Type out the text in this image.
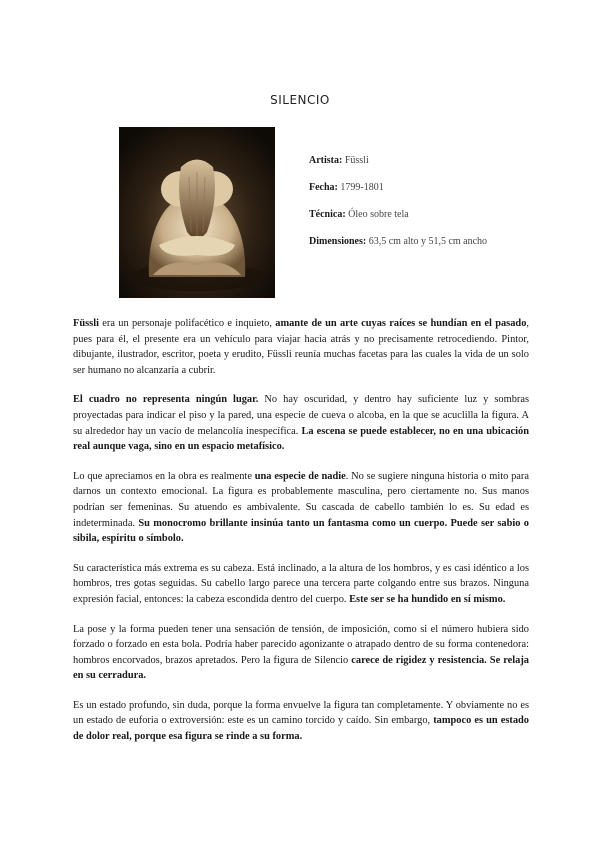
SILENCIO
Artista: Füssli
Fecha: 1799-1801
Técnica: Óleo sobre tela
Dimensiones: 63,5 cm alto y 51,5 cm ancho

Füssli era un personaje polifacético e inquieto, amante de un arte cuyas raíces se hundían en el pasado, pues para él, el presente era un vehículo para viajar hacia atrás y no precisamente retrocediendo. Pintor, dibujante, ilustrador, escritor, poeta y erudito, Füssli reunía muchas facetas para las cuales la vida de un solo ser humano no alcanzaría a cubrir.

El cuadro no representa ningún lugar. No hay oscuridad, y dentro hay suficiente luz y sombras proyectadas para indicar el piso y la pared, una especie de cueva o alcoba, en la que se acuclilla la figura. A su alrededor hay un vacío de melancolía inespecífica. La escena se puede establecer, no en una ubicación real aunque vaga, sino en un espacio metafísico.

Lo que apreciamos en la obra es realmente una especie de nadie. No se sugiere ninguna historia o mito para darnos un contexto emocional. La figura es probablemente masculina, pero ciertamente no. Sus manos podrían ser femeninas. Su atuendo es ambivalente. Su cascada de cabello también lo es. Su edad es indeterminada. Su monocromo brillante insinúa tanto un fantasma como un cuerpo. Puede ser sabio o sibila, espíritu o símbolo.

Su característica más extrema es su cabeza. Está inclinado, a la altura de los hombros, y es casi idéntico a los hombros, tres gotas seguidas. Su cabello largo parece una tercera parte colgando entre sus brazos. Ninguna expresión facial, entonces: la cabeza escondida dentro del cuerpo. Este ser se ha hundido en sí mismo.

La pose y la forma pueden tener una sensación de tensión, de imposición, como si el número hubiera sido forzado o forzado en esta bola. Podría haber parecido agonizante o atrapado dentro de su forma contenedora: hombros encorvados, brazos apretados. Pero la figura de Silencio carece de rigidez y resistencia. Se relaja en su cerradura.

Es un estado profundo, sin duda, porque la forma envuelve la figura tan completamente. Y obviamente no es un estado de euforia o extroversión: este es un camino torcido y caído. Sin embargo, tampoco es un estado de dolor real, porque esa figura se rinde a su forma.
